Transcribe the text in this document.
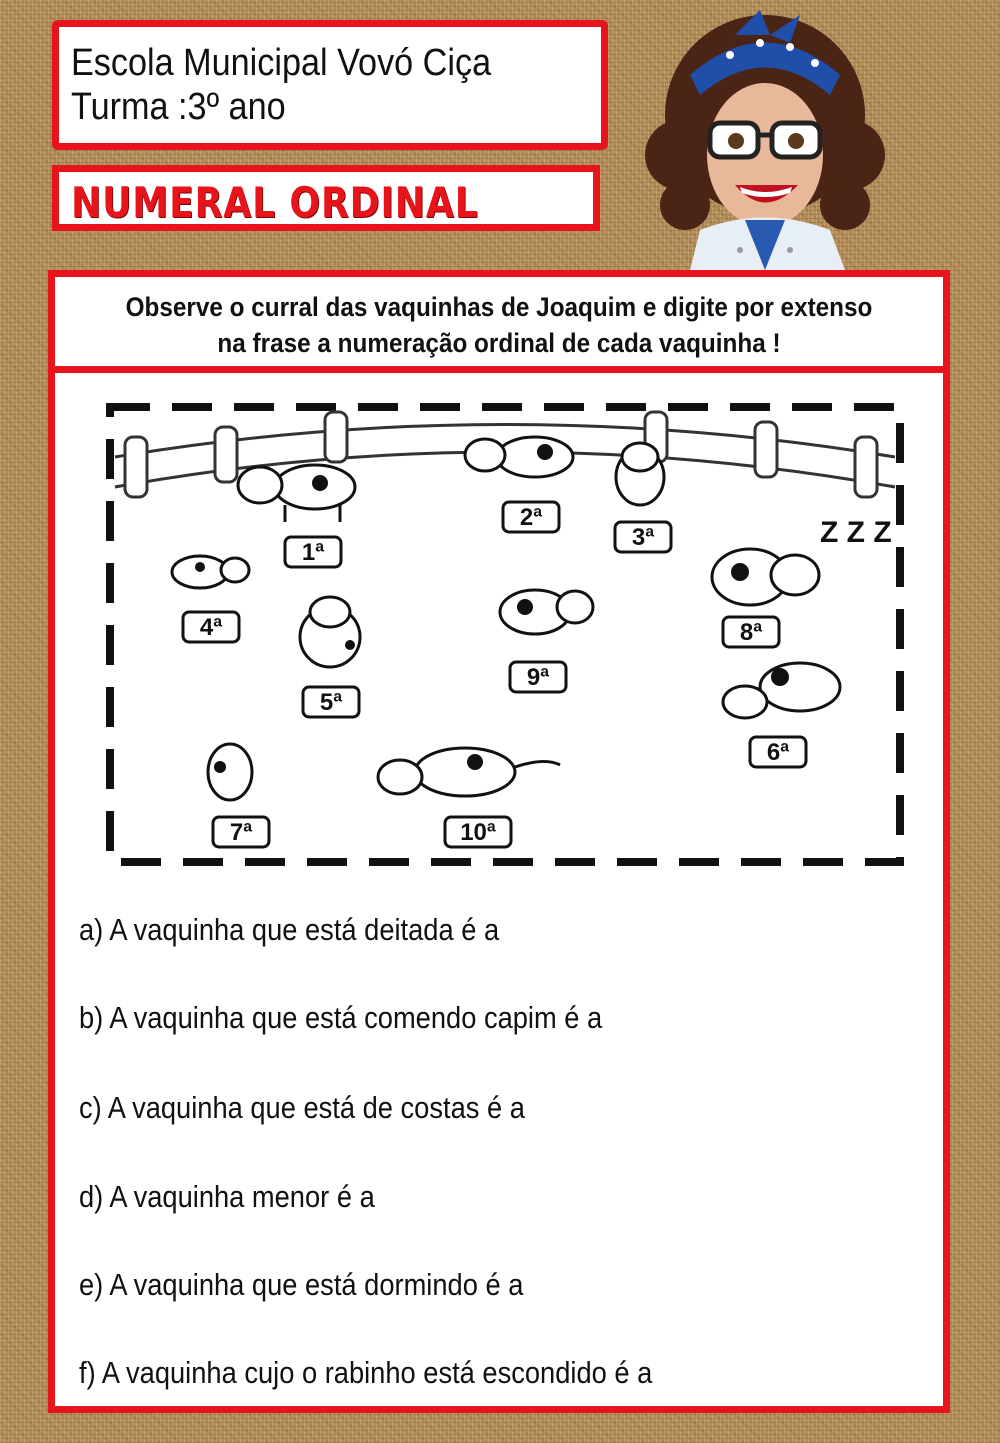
Escola Municipal Vovó Ciça
Turma :3º ano
NUMERAL ORDINAL
Observe o curral das vaquinhas de Joaquim e digite por extenso
na frase a numeração ordinal de cada vaquinha !
Z Z Z
1ª
2ª
3ª
4ª
5ª
6ª
7ª
8ª
9ª
10ª
a) A vaquinha que está deitada é a
b) A vaquinha que está comendo capim é a
c) A vaquinha que está de costas é a
d) A vaquinha menor é a
e) A vaquinha que está dormindo é a
f) A vaquinha cujo o rabinho está escondido é a
